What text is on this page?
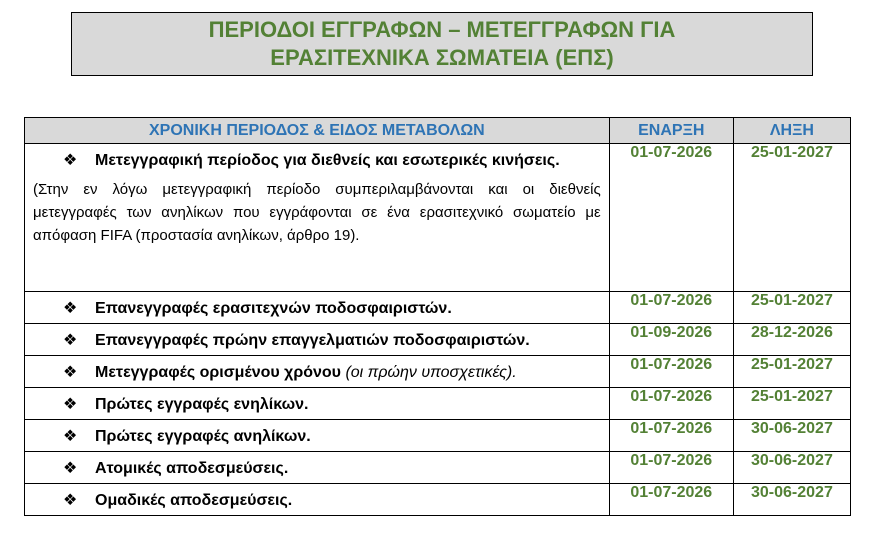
ΠΕΡΙΟΔΟΙ ΕΓΓΡΑΦΩΝ – ΜΕΤΕΓΓΡΑΦΩΝ ΓΙΑ
ΕΡΑΣΙΤΕΧΝΙΚΑ ΣΩΜΑΤΕΙΑ (ΕΠΣ)
ΧΡΟΝΙΚΗ ΠΕΡΙΟΔΟΣ & ΕΙΔΟΣ ΜΕΤΑΒΟΛΩΝ	ΕΝΑΡΞΗ	ΛΗΞΗ

❖ Μετεγγραφική περίοδος για διεθνείς και εσωτερικές κινήσεις.
(Στην εν λόγω μετεγγραφική περίοδο συμπεριλαμβάνονται και οι διεθνείς μετεγγραφές των ανηλίκων που εγγράφονται σε ένα ερασιτεχνικό σωματείο με απόφαση FIFA (προστασία ανηλίκων, άρθρο 19).	01-07-2026	25-01-2027

❖ Επανεγγραφές ερασιτεχνών ποδοσφαιριστών.	01-07-2026	25-01-2027

❖ Επανεγγραφές πρώην επαγγελματιών ποδοσφαιριστών.	01-09-2026	28-12-2026

❖ Μετεγγραφές ορισμένου χρόνου (οι πρώην υποσχετικές).	01-07-2026	25-01-2027

❖ Πρώτες εγγραφές ενηλίκων.	01-07-2026	25-01-2027

❖ Πρώτες εγγραφές ανηλίκων.	01-07-2026	30-06-2027

❖ Ατομικές αποδεσμεύσεις.	01-07-2026	30-06-2027

❖ Ομαδικές αποδεσμεύσεις.	01-07-2026	30-06-2027
